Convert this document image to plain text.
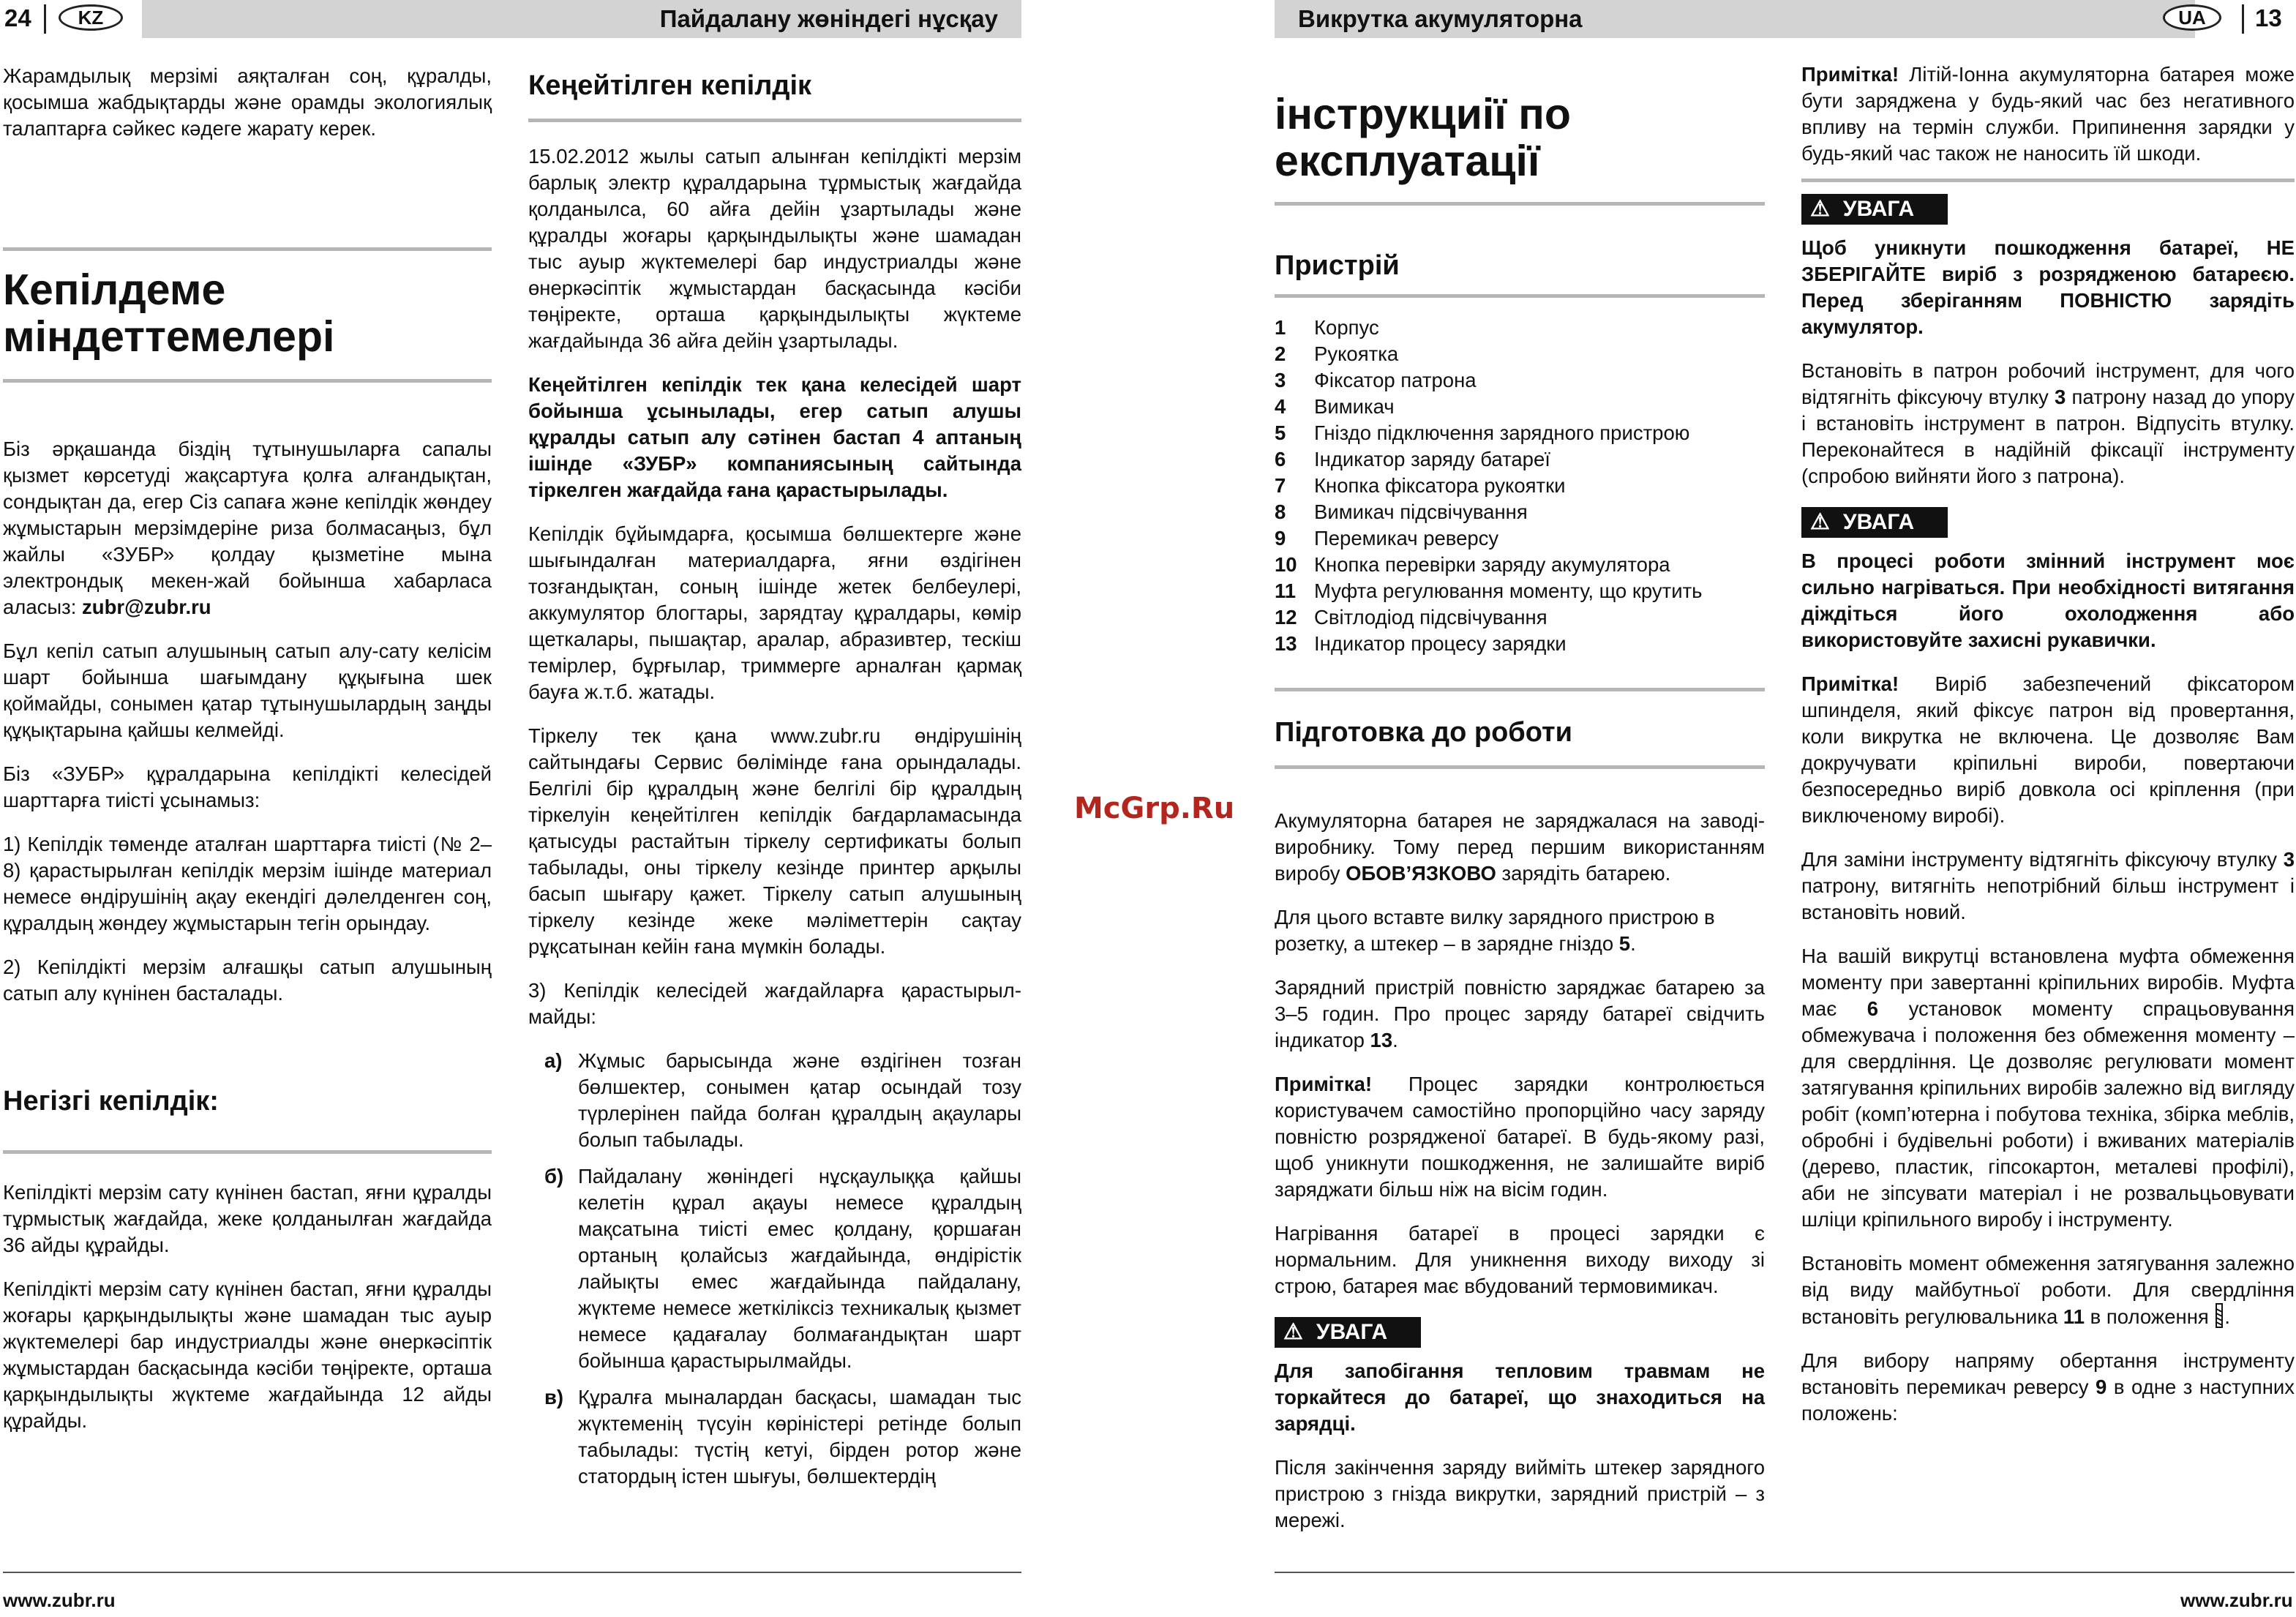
24	KZ	Пайдалану жөніндегі нұсқау

Жарамдылық мерзімі аяқталған соң, құралды, қосымша жабдықтарды және орамды экологиялық талаптарға сәйкес кәдеге жарату керек.

Кепілдеме міндеттемелері

Біз әрқашанда біздің тұтынушыларға сапалы қызмет көрсетуді жақсартуға қолға алғандықтан, сондықтан да, егер Сіз сапаға және кепілдік жөндеу жұмыстарын мерзімдеріне риза болмасаңыз, бұл жайлы «ЗУБР» қолдау қызметіне мына электрондық мекен-жай бойынша хабарласа аласыз: zubr@zubr.ru

Бұл кепіл сатып алушының сатып алу-сату келісім шарт бойынша шағымдану құқығына шек қоймайды, сонымен қатар тұтынушылардың заңды құқықтарына қайшы келмейді.

Біз «ЗУБР» құралдарына кепілдікті келесідей шарттарға тиісті ұсынамыз:

1) Кепілдік төменде аталған шарттарға тиісті (№ 2–8) қарастырылған кепілдік мерзім ішінде материал немесе өндірушінің ақау екендігі дәлелденген соң, құралдың жөндеу жұмыстарын тегін орындау.

2) Кепілдікті мерзім алғашқы сатып алушының сатып алу күнінен басталады.

Негізгі кепілдік:

Кепілдікті мерзім сату күнінен бастап, яғни құралды тұрмыстық жағдайда, жеке қолданылған жағдайда 36 айды құрайды.

Кепілдікті мерзім сату күнінен бастап, яғни құралды жоғары қарқындылықты және шамадан тыс ауыр жүктемелері бар индустриалды және өнеркәсіптік жұмыстардан басқасында кәсіби төңіректе, орташа қарқындылықты жүктеме жағдайында 12 айды құрайды.

Кеңейтілген кепілдік

15.02.2012 жылы сатып алынған кепілдікті мерзім барлық электр құралдарына тұрмыстық жағдайда қолданылса, 60 айға дейін ұзартылады және құралды жоғары қарқындылықты және шамадан тыс ауыр жүктемелері бар индустриалды және өнеркәсіптік жұмыстардан басқасында кәсіби төңіректе, орташа қарқындылықты жүктеме жағдайында 36 айға дейін ұзартылады.

Кеңейтілген кепілдік тек қана келесідей шарт бойынша ұсынылады, егер сатып алушы құралды сатып алу сәтінен бастап 4 аптаның ішінде «ЗУБР» компаниясының сайтында тіркелген жағдайда ғана қарастырылады.

Кепілдік бұйымдарға, қосымша бөлшектерге және шығындалған материалдарға, яғни өздігінен тозғандықтан, соның ішінде жетек белбеулері, аккумулятор блогтары, зарядтау құралдары, көмір щеткалары, пышақтар, аралар, абразивтер, тескіш темірлер, бұрғылар, триммерге арналған қармақ бауға ж.т.б. жатады.

Тіркелу тек қана www.zubr.ru өндірушінің сайтындағы Сервис бөлімінде ғана орындалады. Белгілі бір құралдың және белгілі бір құралдың тіркелуін кеңейтілген кепілдік бағдарламасында қатысуды растайтын тіркелу сертификаты болып табылады, оны тіркелу кезінде принтер арқылы басып шығару қажет. Тіркелу сатып алушының тіркелу кезінде жеке мәліметтерін сақтау рұқсатынан кейін ғана мүмкін болады.

3) Кепілдік келесідей жағдайларға қарастырыл-майды:

а) Жұмыс барысында және өздігінен тозған бөлшектер, сонымен қатар осындай тозу түрлерінен пайда болған құралдың ақаулары болып табылады.
б) Пайдалану жөніндегі нұсқаулыққа қайшы келетін құрал ақауы немесе құралдың мақсатына тиісті емес қолдану, қоршаған ортаның қолайсыз жағдайында, өндірістік лайықты емес жағдайында пайдалану, жүктеме немесе жеткіліксіз техникалық қызмет немесе қадағалау болмағандықтан шарт бойынша қарастырылмайды.
в) Құралға мыналардан басқасы, шамадан тыс жүктеменің түсуін көріністері ретінде болып табылады: түстің кетуі, бірден ротор және статордың істен шығуы, бөлшектердің
www.zubr.ru
McGrp.Ru
Викрутка акумуляторна	UA	13
інструкциії по експлуатації
Пристрій
1	Корпус
2	Рукоятка
3	Фіксатор патрона
4	Вимикач
5	Гніздо підключення зарядного пристрою
6	Індикатор заряду батареї
7	Кнопка фіксатора рукоятки
8	Вимикач підсвічування
9	Перемикач реверсу
10 Кнопка перевірки заряду акумулятора
11 Муфта регулювання моменту, що крутить
12 Світлодіод підсвічування
13 Індикатор процесу зарядки
Підготовка до роботи

Акумуляторна батарея не заряджалася на заводі-виробнику. Тому перед першим використанням виробу ОБОВ’ЯЗКОВО зарядіть батарею.

Для цього вставте вилку зарядного пристрою в розетку, а штекер – в зарядне гніздо 5.

Зарядний пристрій повністю заряджає батарею за 3–5 годин. Про процес заряду батареї свідчить індикатор 13.

Примітка! Процес зарядки контролюється користувачем самостійно пропорційно часу заряду повністю розрядженої батареї. В будь-якому разі, щоб уникнути пошкодження, не залишайте виріб заряджати більш ніж на вісім годин.

Нагрівання батареї в процесі зарядки є нормальним. Для уникнення виходу виходу зі строю, батарея має вбудований термовимикач.

⚠ УВАГА

Для запобігання тепловим травмам не торкайтеся до батареї, що знаходиться на зарядці.

Після закінчення заряду вийміть штекер зарядного пристрою з гнізда викрутки, зарядний пристрій – з мережі.

Примітка! Літій-Іонна акумуляторна батарея може бути заряджена у будь-який час без негативного впливу на термін служби. Припинення зарядки у будь-який час також не наносить їй шкоди.

⚠ УВАГА

Щоб уникнути пошкодження батареї, НЕ ЗБЕРІГАЙТЕ виріб з розрядженою батареєю. Перед зберіганням ПОВНІСТЮ зарядіть акумулятор.

Встановіть в патрон робочий інструмент, для чого відтягніть фіксуючу втулку 3 патрону назад до упору і встановіть інструмент в патрон. Відпусіть втулку. Переконайтеся в надійній фіксації інструменту (спробою вийняти його з патрона).

⚠ УВАГА

В процесі роботи змінний інструмент моє сильно нагріваться. При необхідності витягання діждіться його охолодження або використовуйте захисні рукавички.

Примітка! Виріб забезпечений фіксатором шпинделя, який фіксує патрон від провертання, коли викрутка не включена. Це дозволяє Вам докручувати кріпильні вироби, повертаючи безпосередньо виріб довкола осі кріплення (при виключеному виробі).

Для заміни інструменту відтягніть фіксуючу втулку 3 патрону, витягніть непотрібний більш інструмент і встановіть новий.

На вашій викрутці встановлена муфта обмеження моменту при завертанні кріпильних виробів. Муфта має 6 установок моменту спрацьовування обмежувача і положення без обмеження моменту – для свердління. Це дозволяє регулювати момент затягування кріпильних виробів залежно від вигляду робіт (комп’ютерна і побутова техніка, збірка меблів, обробні і будівельні роботи) і вживаних матеріалів (дерево, пластик, гіпсокартон, металеві профілі), аби не зіпсувати матеріал і не розвальцьовувати шліци кріпильного виробу і інструменту.

Встановіть момент обмеження затягування залежно від виду майбутньої роботи. Для свердління встановіть регулювальника 11 в положення .

Для вибору напряму обертання інструменту встановіть перемикач реверсу 9 в одне з наступних положень:

www.zubr.ru
